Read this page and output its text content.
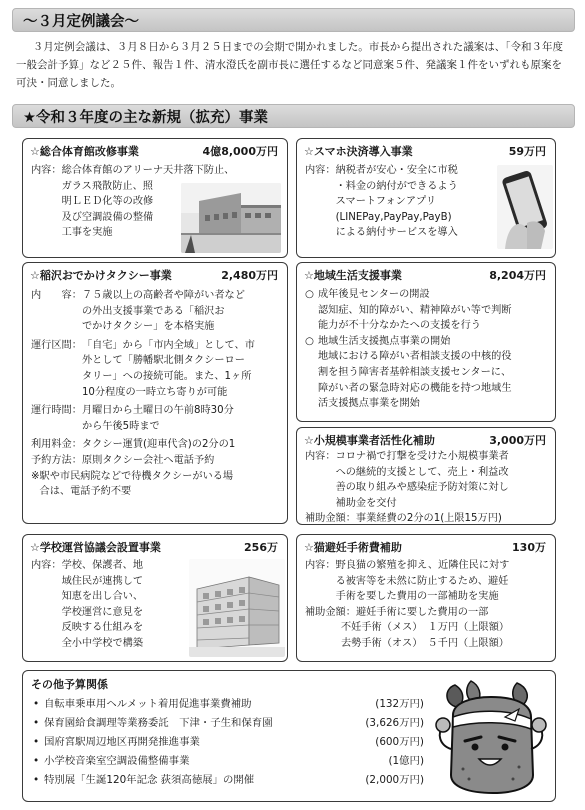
～３月定例議会～

３月定例会議は、３月８日から３月２５日までの会期で開かれました。市長から提出された議案は、「令和３年度一般会計予算」など２５件、報告１件、清水澄氏を副市長に選任するなど同意案５件、発議案１件をいずれも原案を可決・同意しました。

★令和３年度の主な新規（拡充）事業
☆総合体育館改修事業	4億8,000万円
内容： 総合体育館のアリーナ天井落下防止、
ガラス飛散防止、照
明ＬＥＤ化等の改修
及び空調設備の整備
工事を実施
☆スマホ決済導入事業	59万円
内容： 納税者が安心・安全に市税
・料金の納付ができるよう
スマートフォンアプリ
(LINEPay,PayPay,PayB)
による納付サービスを導入
☆稲沢おでかけタクシー事業	2,480万円
内　　容： ７５歳以上の高齢者や障がい者など
の外出支援事業である「稲沢お
でかけタクシー」を本格実施
運行区間： 「自宅」から「市内全域」として、市
外として「勝幡駅北側タクシーロー
タリー」への接続可能。また、1ヶ所
10分程度の一時立ち寄りが可能
運行時間： 月曜日から土曜日の午前8時30分
から午後5時まで
利用料金：タクシー運賃(迎車代含)の2分の1
予約方法：原則タクシー会社へ電話予約
※ 駅や市民病院などで待機タクシーがいる場
合は、電話予約不要
☆地域生活支援事業	8,204万円
○ 成年後見センターの開設
認知症、知的障がい、精神障がい等で判断
能力が不十分なかたへの支援を行う
○ 地域生活支援拠点事業の開始
地域における障がい者相談支援の中核的役
割を担う障害者基幹相談支援センターに、
障がい者の緊急時対応の機能を持つ地域生
活支援拠点事業を開始
☆小規模事業者活性化補助	3,000万円
内容： コロナ禍で打撃を受けた小規模事業者
への継続的支援として、売上・利益改
善の取り組みや感染症予防対策に対し
補助金を交付
補助金額：事業経費の2分の1(上限15万円)
☆学校運営協議会設置事業	256万
内容： 学校、保護者、地
域住民が連携して
知恵を出し合い、
学校運営に意見を
反映する仕組みを
全小中学校で構築
☆猫避妊手術費補助	130万
内容： 野良猫の繁殖を抑え、近隣住民に対す
る被害等を未然に防止するため、避妊
手術を要した費用の一部補助を実施
補助金額： 避妊手術に要した費用の一部
不妊手術（メス）　１万円（上限額）
去勢手術（オス）　５千円（上限額）
その他予算関係
• 自転車乗車用ヘルメット着用促進事業費補助	(132万円)
• 保育園給食調理等業務委託　下津・子生和保育園	(3,626万円)
• 国府宮駅周辺地区再開発推進事業	(600万円)
• 小学校音楽室空調設備整備事業	(1億円)
• 特別展「生誕120年記念 荻須高徳展」の開催	(2,000万円)
